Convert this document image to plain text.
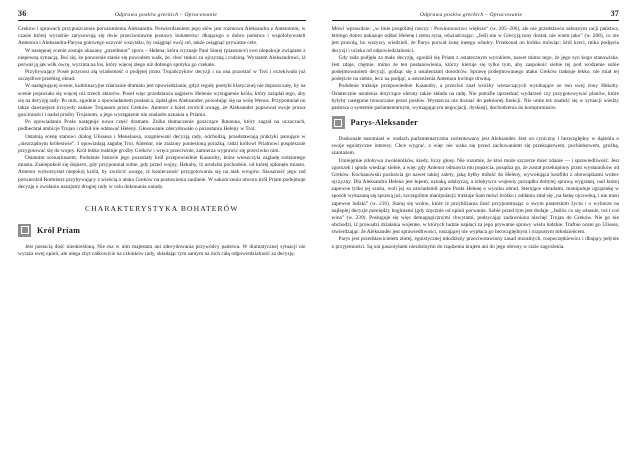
36	Odprawa posłów greckich – Opracowanie

Grekow i sprawach przypuszczenie porozumienia Aleksandra. Potwierdzeniem jego słów jest rozmowa Aleksandra z Antenorem, w czasie której wyraźnie zarysowują się dwie przeciwstawne postawy bohaterów: dbającego o dobro państwa i wspólobywateli Antenora i Aleksandra-Parysa gotowego uczynić wszystko, by osiągnąć swój cel, także osiągnąć prywatne cele.

W następnej scenie zostaje ukazany „przedmiot” sporu – Helena, która wyznaje Pani Starej (piastunce) swe niepokoje związane z niepewną sytuacją. Boi się, że ponownie stanie się powodem walk, że, choć tęskni za ojczyzną i rodziną. Wyrazem Aleksandrowi, iż porwał ją jak wilk owcę, wyrzuta na los, który więcej złego niż dobrego spotyka go czekało.

Przybywający Poseł przynosi złą wiadomość o podjętej przez Trojańczyków decyzji i na ona pozostać w Troi i oczekiwała już szczęśliwe przebieg obrad.

W następującej scenie, kulminacyjne zdarzanie dramatu jest opowiedzianie, gdyż reguły poetyki klasycznej nie dopuszczały, by na scenie pojawiało się więcej niż trzech aktorów. Poseł więc przedstawia najpierw Helenie wystąpienie króla, który zażądał tego, aby się na decyzję rady. Po nim, zgodnie z opowiadaniem posłańca, żądał głos Aleksander, powołując się na wolę Wenus. Przypomniał on także dawniejsze krzywdy zadane Trojanom przez Greków. Antenor z kolei zwrócił uwagę, że Aleksander popsował swoje prawa goscinności i nadal prośby Trojanom, a jego wystąpienie nie znalazło uznania u Priama.

Po opowiadaniu Posła następuje nowa część dramatu. Znika tłumaczenie goszczące Ikteaona, który zagrał na uczaczach, podbechtał ambicje Trojan i radził nie oddawać Heleny. Głosowanie zdecydowało o pozostaniu Heleny w Troi.

Ostatnią scenę stanowi dialog Ulissesa i Menelaosa, rozgniewani decyzją rady, odchodzą, przedstawiają praktyki panujące w „niezrządnym królestwie”. I opowiadają zagubę Troi. Antenor, nie zrażony poniesioną porażką, radzi królowi Priamowi pospiesznie przygotować się do wojny. Król lekko traktuje groźby Greków i wręcz przeciwnie, zamierza wyprawić się przeciwko nim.

Ostatnim scenariuszem. Podobnie historie jego pozostały król przepowiednie Kasandry, która wieszczyła zagładę rodzinnego miasta. Zaniepokoił się dopiero, gdy przyponniał sobie, gdy przed wojny, Hekuby, iż urodziła pochodnie, od której spłonęło miasto. Antenor wykorzystał niepokój króla, by zwrócić uwagę, iż konieczność przygotowania się na atak wrogów. Skuszność jego rad potwierdził Rotmistrz przybywający z wieścią o ataku Greków na postawienia zaufanie. W zakończeniu utworu król Priam podejmuje decyzję o zwołaniu nazajutrz drugiej rady w celu dokonania narady.

CHARAKTERYSTYKA BOHATERÓW
Król Priam

Jest postacią dość nieokreśloną. Nie ma w nim majestatu ani zdecydowania przywódcy państwa. W dramatycznej sytuacji nie wyraża swej opinii, ale ulega zbyt całkowicie na członków rady, składając tym samym na nich całą odpowiedzialność za decyzję.

Odprawa posłów greckich – Opracowanie	37

Mówi wprawdzie: „w imie pospolitej rzeczy / Powinowactwo większe” (w. 205–206), ale nie przedstawia zebranym racji państwa, którego dobro nakazuje oddać Helenę i temu syna, oświadczając: „Jeśli nie w Grecyją tony dostał, nie wiem jako” (w. 208), co nie jest prawdą, bo wszyscy wiedzieli, że Parys porwał żonę innego władcy. Przekonał on krótko mówiąc: król kreci, mika podjęcia decyzji i ucieka od odpowiedzialności.

Gdy rada podjęła za mało decyzję, zgodził się Priam z ostatecznym wyrokiem, nawet mimo tego, że jego syn kogo stanowiska. Jest zdaje, chętnie, mimo że ten postanowienia, którzy kieruje się tylko tym, aby zaspokoić siebie tej pod wodzenie sobie podejmowaniem decyzji, godząc się z ustaleniami dorodców. Sprawę podejmowanego ataku Greków traktuje lekko, nie miał tej podejście na siebie, lecz na podjąć, a ostrzeżenia Antenora kwituje drwiną.

Podobnie traktuje przepowiednie Kasandry, a przecież znał wróżby wieszczących wynikające ze snu swej żony Hekuby. Ostatecznie ustalenia dotyczące obrony także składa na radę. Nie potrafie uprzedzać wydarzeń czy przygotowywać planów, które byłyby następnie nowaczane przez posłów. Wystarcza nie doznać do pełnionej funkcji. Nie umie też znaleźć się w sytuacji wiedzy państwa o systemie parlamentarnym, wymagającym negocjacji, dyskusji, dochodzenia do kompromisów.

Parys-Aleksander

Doskonale natomiast w wadach parlamentaryzmu zorientowany jest Aleksander. Jest on cyniczny i bezwzględny w dążeniu o swoje egoistyczne interesy. Chce wygrać, a więc nie waha się przed zachowaniem się przekupstwem, pochlebstwem, groźbą, szantażem.

Umiejętnie zdobywa zwolenników, kiedy, liczy głosy. Nie rozumie, że ktoś może szczerze mieć zdanie — i sprawiedliwość. Jest zgorszek i spodo wiedząc siebie, a więc gdy Antenor odmawia mu poparcia, posądza go, że został przekupiony przez wysłanników od Greków. Kochanowski pozbawia go nawet takiej zalety, jaką byłby miłość do Heleny, wywołująca konflikt z obowiązkami wobec ojczyzny. Dla Aleksandra Helena jest łupem, oznaką zdobyczą, a zdobywca wojenny porządku dobytej sprawą wygranej, nad której zapewne tylko jej szuka, woli jej za zawiadomił przez Posła Helenę o wyniku obrad. Sterujące obradami, manipuluje ogrązinkę w sposób wykazaną się sprawą już, szczególnie manipulacji; traktuje Sam mówi krótko i oddaniu zdał się „na laskę ojcowską, i nie musi zapewne ludzki” (w. 216). Staraj się wolno, które iż przybliżania ilość przypominając o swym pasterskim życiu i o wyborze na najlepiej decyzje pomiędzy boginiami (gdy zręcznie od opinii porwanie. Sobie przed tym jest dodaje: „Jeśliw co się własnie, toś i coś wina” (w. 239). Posługuje się więc demagogicznymi chwytami, podsycając zadawniona niechęć Trojan do Greków. Nie go nie obchodzi, iż prowadzi działania wojenne, w których ludzie napłaci za jego prywatne sprawy wielu ludzkie. Trafnie oceni go Ulisses, stwierdzając: że Aleksander jest sprawiedliwości, ruszającej nie wypłaca go bezwzględnym i rozpustym młodzieńcem.

Parys jest przedstawicielem złotej, egoistycznej młodzieży przeciwstawiony zasad moralnych, rozpoczętkiewicz i dbający jedynie o przyjemności. Są oni paszotyłami niezdolnymi do rządzenia krajem ani do jego obrony w razie zagrożenia.
